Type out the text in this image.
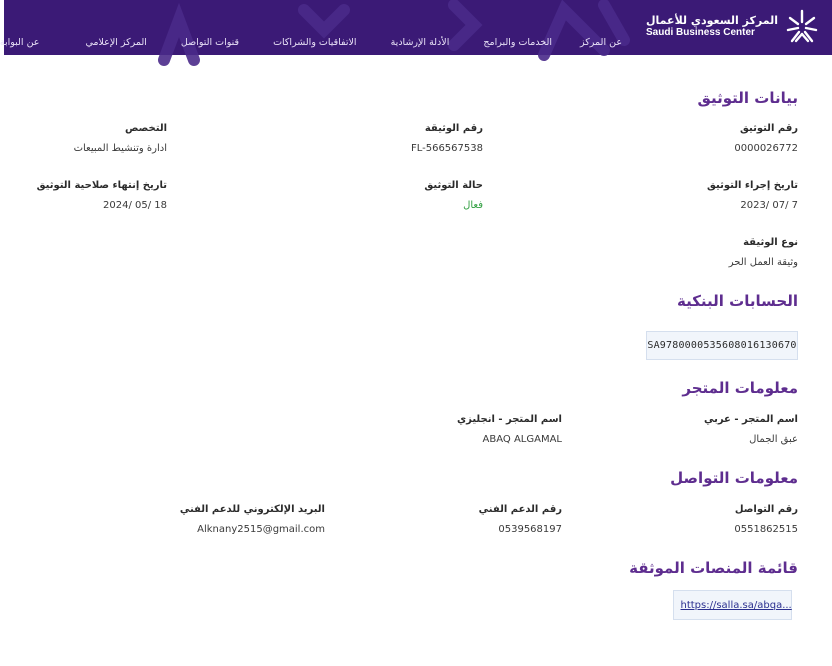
المركز السعودي للأعمال
Saudi Business Center
عن المركز
الخدمات والبرامج
الأدلة الإرشادية
الاتفاقيات والشراكات
قنوات التواصل
المركز الإعلامي
عن البوابة
بيانات التوثيق
رقم التوثيق
0000026772
رقم الوثيقة
FL-566567538
التخصص
ادارة وتنشيط المبيعات
تاريخ إجراء التوثيق
2023/ 07/ 7
حالة التوثيق
فعال
تاريخ إنتهاء صلاحية التوثيق
2024/ 05/ 18
نوع الوثيقة
وثيقة العمل الحر
الحسابات البنكية
SA9780000535608016130670
معلومات المتجر
اسم المتجر - عربي
عبق الجمال
اسم المتجر - انجليزي
ABAQ ALGAMAL
معلومات التواصل
رقم التواصل
0551862515
رقم الدعم الفني
0539568197
البريد الإلكتروني للدعم الفني
Alknany2515@gmail.com
قائمة المنصات الموثقة
https://salla.sa/abqa...
